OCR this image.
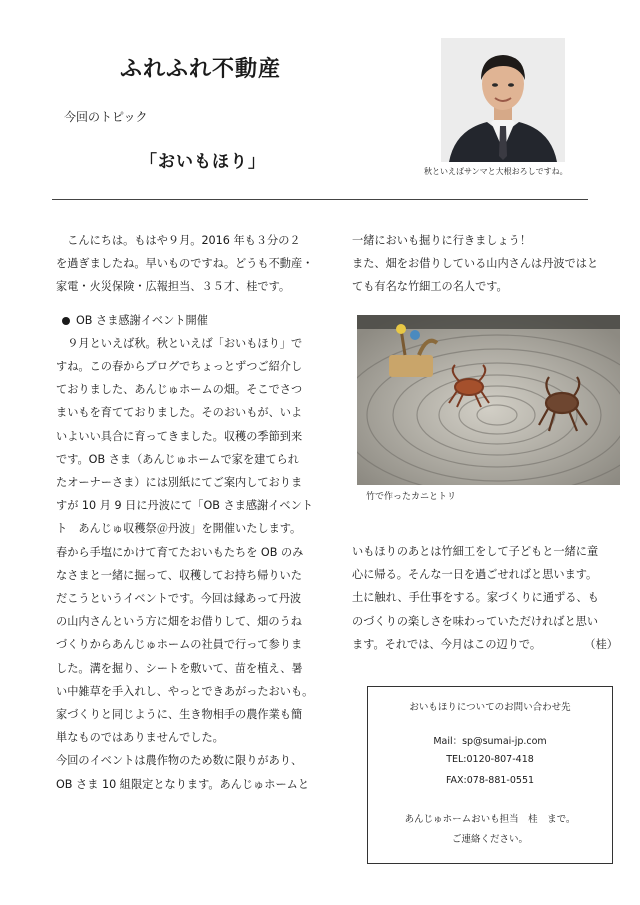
ふれふれ不動産
今回のトピック
「おいもほり」	秋といえばサンマと大根おろしですね。

こんにちは。もはや９月。2016 年も３分の２

を過ぎましたね。早いものですね。どうも不動産・

家電・火災保険・広報担当、３５才、桂です。

OB さま感謝イベント開催

９月といえば秋。秋といえば「おいもほり」で

すね。この春からブログでちょっとずつご紹介し

ておりました、あんじゅホームの畑。そこでさつ

まいもを育てておりました。そのおいもが、いよ

いよいい具合に育ってきました。収穫の季節到来

です。OB さま（あんじゅホームで家を建てられ

たオーナーさま）には別紙にてご案内しておりま

すが 10 月 9 日に丹波にて「OB さま感謝イベント

ト　あんじゅ収穫祭＠丹波」を開催いたします。

春から手塩にかけて育てたおいもたちを OB のみ

なさまと一緒に掘って、収穫してお持ち帰りいた

だこうというイベントです。今回は縁あって丹波

の山内さんという方に畑をお借りして、畑のうね

づくりからあんじゅホームの社員で行って参りま

した。溝を掘り、シートを敷いて、苗を植え、暑

い中雑草を手入れし、やっとできあがったおいも。

家づくりと同じように、生き物相手の農作業も簡

単なものではありませんでした。

今回のイベントは農作物のため数に限りがあり、

OB さま 10 組限定となります。あんじゅホームと

一緒においも掘りに行きましょう！

また、畑をお借りしている山内さんは丹波ではと

ても有名な竹細工の名人です。

竹で作ったカニとトリ

いもほりのあとは竹細工をして子どもと一緒に童

心に帰る。そんな一日を過ごせればと思います。

土に触れ、手仕事をする。家づくりに通ずる、も

のづくりの楽しさを味わっていただければと思い

ます。それでは、今月はこの辺りで。	（桂）

おいもほりについてのお問い合わせ先
Mail：sp@sumai-jp.com
TEL:0120-807-418
FAX:078-881-0551
あんじゅホームおいも担当　桂　まで。
ご連絡ください。
